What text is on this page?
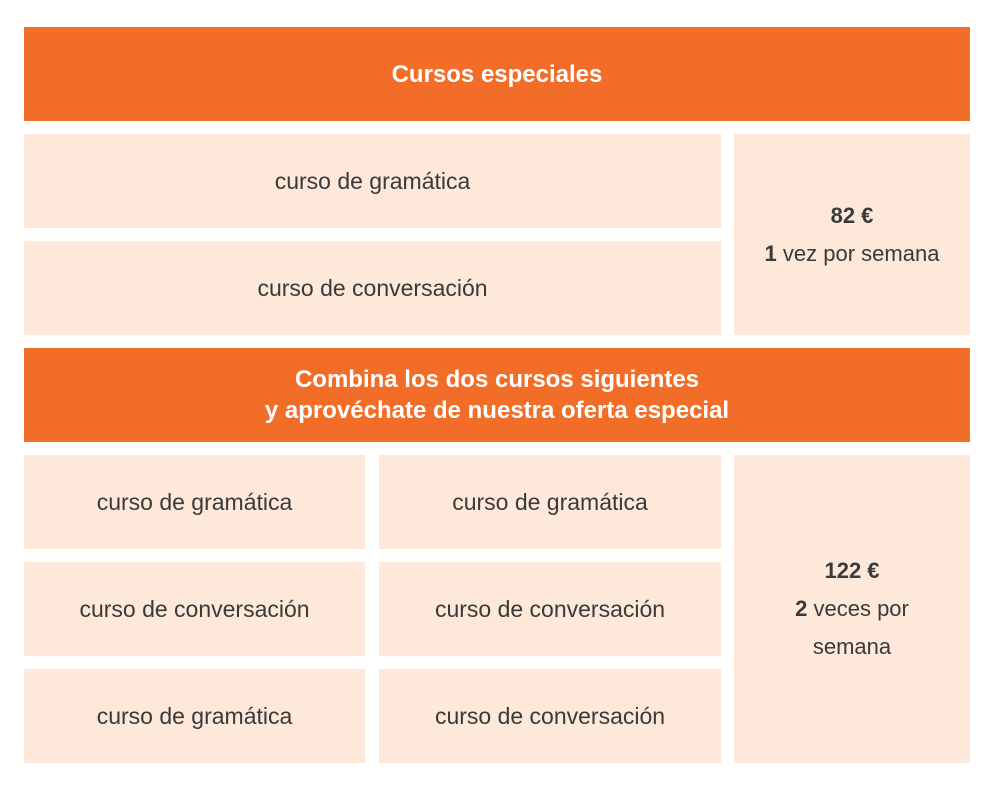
Cursos especiales
curso de gramática
curso de conversación
82 €
1 vez por semana
Combina los dos cursos siguientes
y aprovéchate de nuestra oferta especial
curso de gramática	curso de gramática
curso de conversación	curso de conversación
curso de gramática	curso de conversación
122 €
2 veces por
semana
